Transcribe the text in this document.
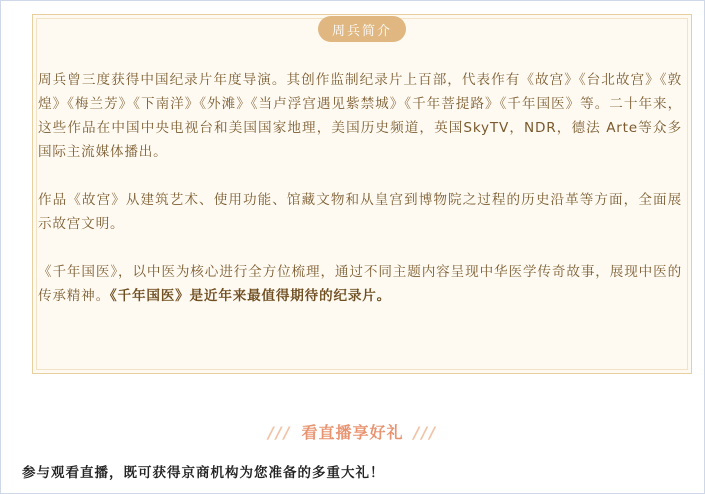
周兵简介

周兵曾三度获得中国纪录片年度导演。其创作监制纪录片上百部，代表作有《故宫》《台北故宫》《敦煌》《梅兰芳》《下南洋》《外滩》《当卢浮宫遇见紫禁城》《千年菩提路》《千年国医》等。二十年来，这些作品在中国中央电视台和美国国家地理，美国历史频道，英国SkyTV，NDR，德法 Arte等众多国际主流媒体播出。

作品《故宫》从建筑艺术、使用功能、馆藏文物和从皇宫到博物院之过程的历史沿革等方面，全面展示故宫文明。

《千年国医》，以中医为核心进行全方位梳理，通过不同主题内容呈现中华医学传奇故事，展现中医的传承精神。《千年国医》是近年来最值得期待的纪录片。

/// 看直播享好礼 ///
参与观看直播，既可获得京商机构为您准备的多重大礼！
